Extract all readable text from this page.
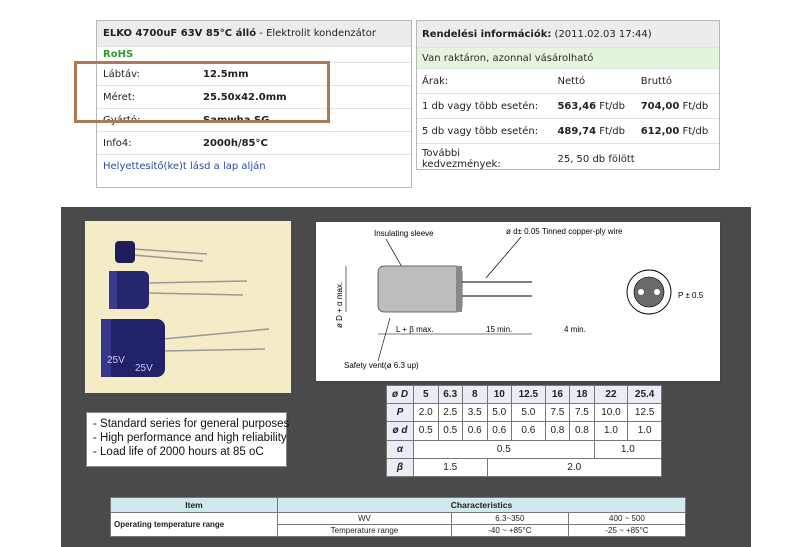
ELKO 4700uF 63V 85°C álló - Elektrolit kondenzátor	
RoHS	
Lábtáv:	12.5mm
Méret:	25.50x42.0mm
Gyártó:	Samwha SG
Info4:	2000h/85°C
Helyettesítő(ke)t lásd a lap alján	
Rendelési információk: (2011.02.03 17:44)		
Van raktáron, azonnal vásárolható		
Árak:	Nettó	Bruttó
1 db vagy több esetén:	563,46 Ft/db	704,00 Ft/db
5 db vagy több esetén:	489,74 Ft/db	612,00 Ft/db
További
kedvezmények:	25, 50 db fölött	
25V
25V
- Standard series for general purposes
- High performance and high reliability
- Load life of 2000 hours at 85 oC
Insulating sleeve	ø d± 0.05 Tinned copper-ply wire
ø D + α max.
L + β max.	15 min.	4 min.
Safety vent(ø 6.3 up)
P ± 0.5
ø D	5	6.3	8	10	12.5	16	18	22	25.4
P	2.0	2.5	3.5	5.0	5.0	7.5	7.5	10.0	12.5
ø d	0.5	0.5	0.6	0.6	0.6	0.8	0.8	1.0	1.0
α	0.5							1.0	
β	1.5			2.0					
Item	Characteristics		
Operating temperature range	WV	6.3~350	400 ~ 500
	Temperature range	-40 ~ +85°C	-25 ~ +85°C
